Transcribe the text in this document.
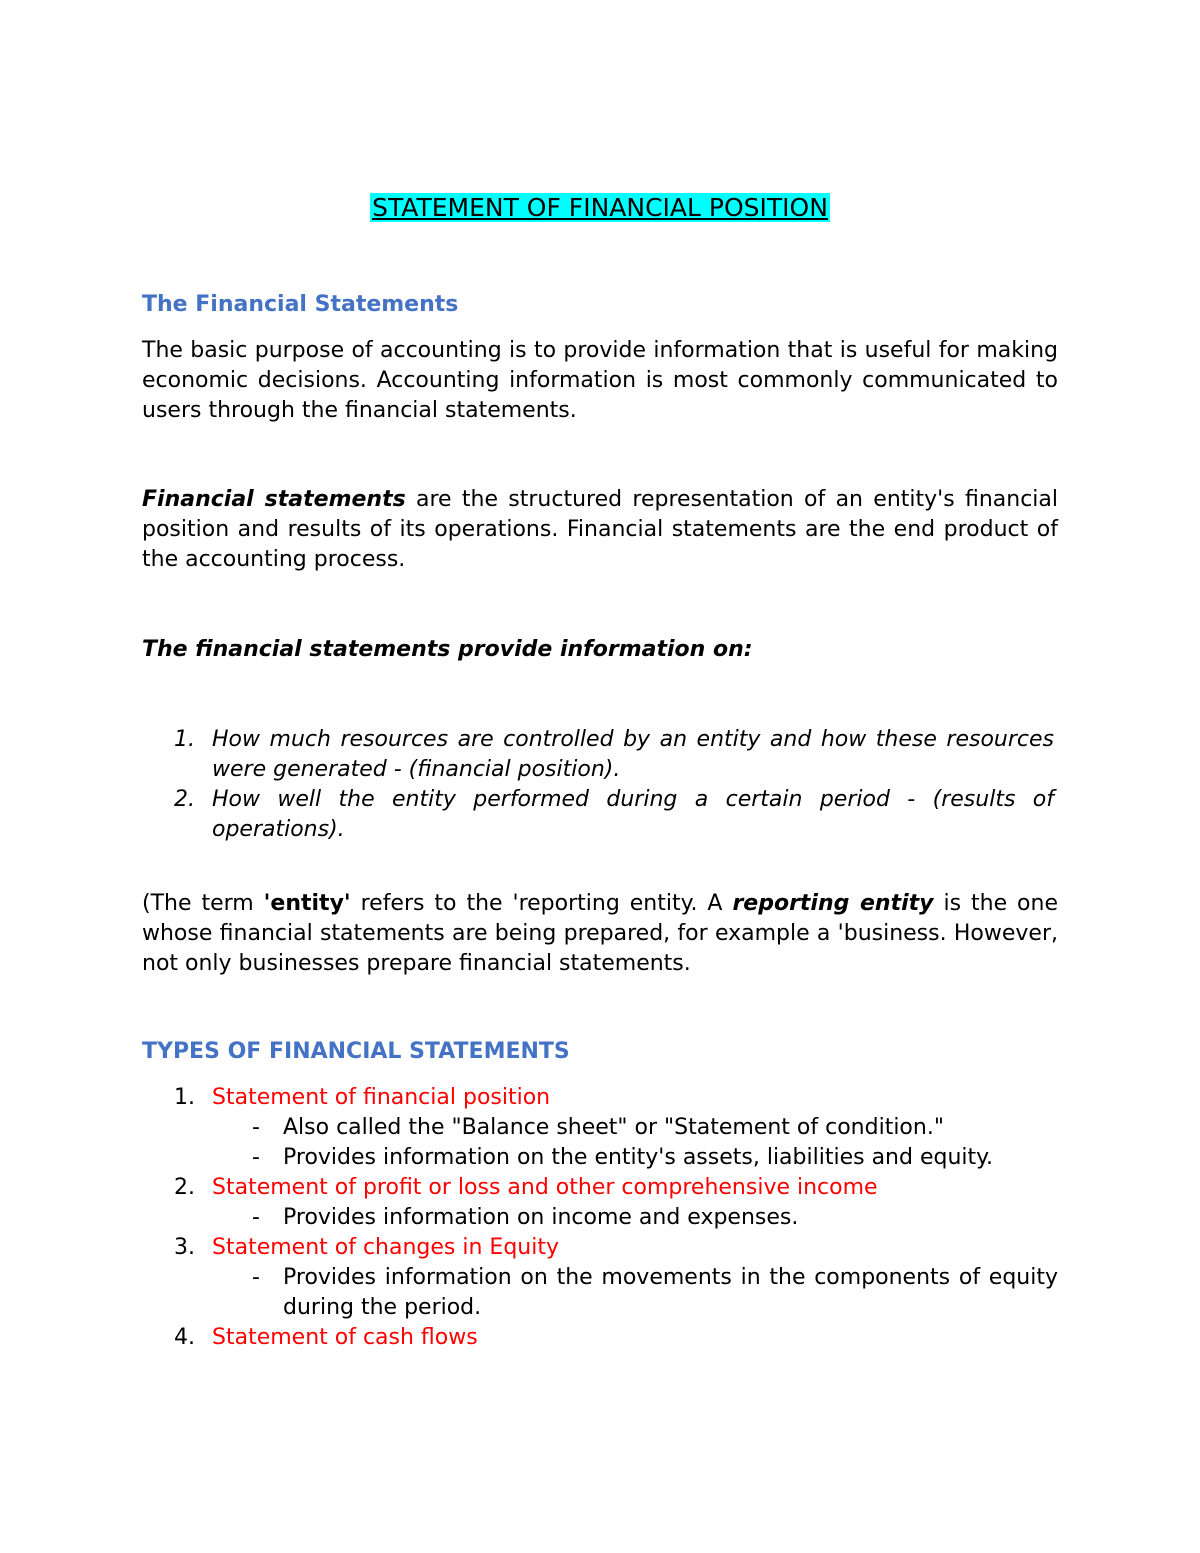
STATEMENT OF FINANCIAL POSITION
The Financial Statements
The basic purpose of accounting is to provide information that is useful for making economic decisions. Accounting information is most commonly communicated to users through the financial statements.
Financial statements are the structured representation of an entity's financial position and results of its operations. Financial statements are the end product of the accounting process.
The financial statements provide information on:
1. How much resources are controlled by an entity and how these resources were generated - (financial position).
2. How well the entity performed during a certain period - (results of operations).
(The term 'entity' refers to the 'reporting entity. A reporting entity is the one whose financial statements are being prepared, for example a 'business. However, not only businesses prepare financial statements.
TYPES OF FINANCIAL STATEMENTS
1. Statement of financial position
- Also called the "Balance sheet" or "Statement of condition."
- Provides information on the entity's assets, liabilities and equity.
2. Statement of profit or loss and other comprehensive income
- Provides information on income and expenses.
3. Statement of changes in Equity
- Provides information on the movements in the components of equity during the period.
4. Statement of cash flows
